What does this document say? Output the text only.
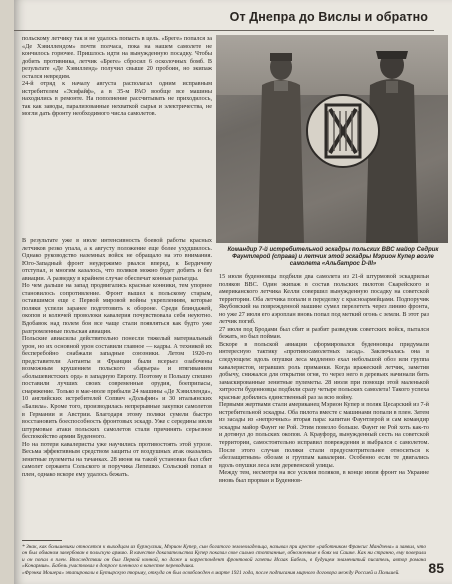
От Днепра до Вислы и обратно
польскому летчику так и не удалось попасть в цель. «Бреге» попался за «Де Хэвиллендом» почти полчаса, пока на нашем самолете не кончилось горючее. Пришлось идти на вынужденную посадку. Чтобы добить противника, летчик «Бреге» сбросил 6 осколочных бомб. В результате «Де Хэвилленд» получил свыше 20 пробоин, но экипаж остался невредим.
24-й отряд к началу августа располагал одним исправным истребителем «Эсифайф», а в 35-м РАО вообще все машины находились в ремонте. На пополнение рассчитывать не приходилось, так как заводы, парализованные нехваткой сырья и электричества, не могли дать фронту необходимого числа самолетов.
Командир 7-й истребительной эскадры польских ВВС майор Седрик Фаунтлерой (справа) и летчик этой эскадры Мэрион Купер возле самолета «Альбатрос D-III»
В результате уже в июле интенсивность боевой работы красных летчиков резко упала, а к августу положение еще более ухудшилось. Однако руководство наземных войск не обращало на это внимания. Юго-Западный фронт неудержимо рвался вперед, к Бердичеву отступал, и многим казалось, что поляков можно будет добить и без авиации. А разведку в крайнем случае обеспечат конные разъезды.
Но чем дальше на запад продвигались красные конники, тем упорнее становилось сопротивление. Фронт вышел к польскому старым, оставшимся еще с Первой мировой войны укреплениям, которые поляки успели заранее подготовить к обороне. Среди блиндажей, окопов и колючей проволоки кавалерия почувствовала себя неуютно. Вдобавок над полем боя все чаще стали появляться как будто уже разгромленные польская авиация.
Польские авиасилы действительно понесли тяжелый материальный урон, но их основной урон составили главное — кадры. А техникой их бесперебойно снабжали западные союзники. Летом 1920-го представители Антанты и Франции были всерьез озабочены возможным крушением польского «барьера» и втягиванием «большевистских орд» в западную Европу. Поэтому в Польшу спешно поставили лучших своих современные орудия, боеприпасы, снаряжение. Только в мае-июле прибыли 24 машины «Де Хэвилленда», 10 английских истребителей Сопвич «Дольфин» и 30 итальянских «Балила». Кроме того, производилась непрерывные закупки самолетов в Германии и Австрии. Благодаря этому поляки сумели быстро восстановить боеспособность фронтовых эскадр. Уже с середины июля штурмовые атаки польских самолетов стали причинять серьезное беспокойство армии Буденного.
Но на потери кавалеристы уже научились противостоять этой угрозе. Весьма эффективным средством защиты от воздушных атак оказались зенитные пулеметы на тачанках. 28 июня на такой установки был сбит самолет сержанта Сольского и поручика Лепешко. Сольский попал в плен, однако вскоре ему удалось бежать.
15 июля буденновцы подбили два самолета из 21-й штурмовой эскадрильи поляков ВВС. Один экипаж в состав польских пилотов Скарейского и американского летчика Келли совершил вынужденную посадку на советской территории. Оба летчика попали в переделку с красноармейцами. Подпоручик Якубовский на поврежденной машине сумел перелететь через линию фронта, но уже 27 июля его аэроплан вновь попал под меткий огонь с земли. В этот раз летчик погиб.
27 июля под Бродами был сбит и разбит разведчик советских войск, пытался бежать, но был пойман.
Вскоре в польской авиации сформировался буденновцы придумали интересную тактику «противосамолетных засад». Заключалась она в следующем: вдоль опушки леса медленно ехал небольшой обоз или группа кавалеристов, игравших роль приманки. Когда вражеский летчик, заметив добычу, снижался для открытия огня, то через него в деревьях начинали бить замаскированные зенитные пулеметы. 28 июля при помощи этой маленькой хитрости буденновцы подбили сразу четыре польских самолета! Такого успеха красные добились единственный раз за всю войну.
Первыми жертвами стали американец Мэрион Купер и поляк Цесарский из 7-й истребительной эскадры. Оба пилота вместе с машинами попали в плен. Затем из засады из «непрочных» вторая пара: капитан Фаунтлерой и сам командир эскадры майор Фаунт не Рой. Этим повезло больше. Фаунт не Рой хоть как-то и дотянул до польских окопов. А Крауфорд, вынужденный сесть на советской территории, самостоятельно исправил повреждения и выбрался с самолетом. После этого случая поляки стали предусмотрительнее относиться к «беззащитным» обозам и группам кавалерии. Особенно если те двигались вдоль опушки леса или деревенской улицы.
Между тем, несмотря на все усилия поляков, в конце июля фронт на Украине вновь был прорван и Буденнов-
* Знак, как большевики относятся к выходцам из буржуазии, Мэрион Купер, сын богатого землевладельца, называл при аресте «работником Франсис Мандзена» и заявил, что он был обманом завербован в польскую армию. В качестве доказательства Купер показал свое сильно стоптанные, обноженные в боях на Сашке. Как ни странно, ему поверили и он попал в плен. Впоследствии он был Первой конной, но даже и корреспондент фронтовой газеты Исаак Бабель, в будущем знаменитый писатель, автор романа «Конармия». Бабель участвовал в допросе пленного в качестве переводчика.
«Фрэнка Мошера» этапировали в Бутырскую тюрьму, откуда он был освобожден в марте 1921 года, после подписания мирного договора между Россией и Польшей.	85
